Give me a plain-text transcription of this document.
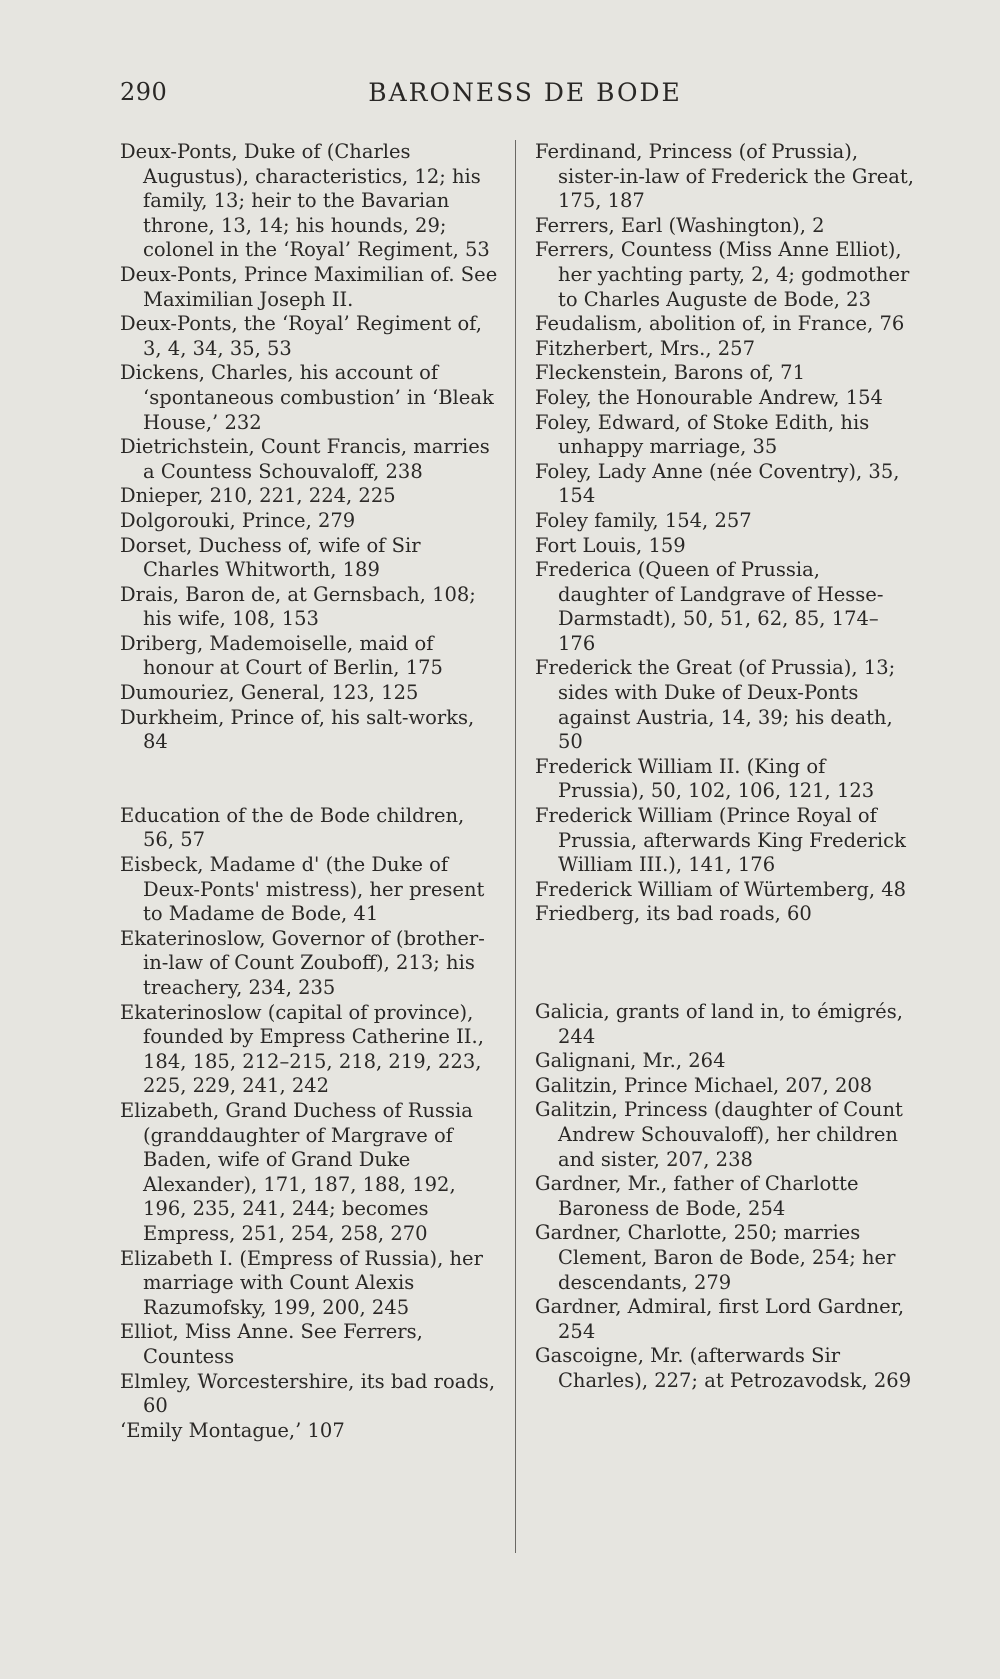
290	BARONESS DE BODE
Deux-Ponts, Duke of (Charles Augustus), characteristics, 12; his family, 13; heir to the Bavarian throne, 13, 14; his hounds, 29; colonel in the ‘Royal’ Regiment, 53
Deux-Ponts, Prince Maximilian of. See Maximilian Joseph II.
Deux-Ponts, the ‘Royal’ Regiment of, 3, 4, 34, 35, 53
Dickens, Charles, his account of ‘spontaneous combustion’ in ‘Bleak House,’ 232
Dietrichstein, Count Francis, marries a Countess Schouvaloff, 238
Dnieper, 210, 221, 224, 225
Dolgorouki, Prince, 279
Dorset, Duchess of, wife of Sir Charles Whitworth, 189
Drais, Baron de, at Gernsbach, 108; his wife, 108, 153
Driberg, Mademoiselle, maid of honour at Court of Berlin, 175
Dumouriez, General, 123, 125
Durkheim, Prince of, his salt-works, 84
Education of the de Bode children, 56, 57
Eisbeck, Madame d' (the Duke of Deux-Ponts' mistress), her present to Madame de Bode, 41
Ekaterinoslow, Governor of (brother-in-law of Count Zouboff), 213; his treachery, 234, 235
Ekaterinoslow (capital of province), founded by Empress Catherine II., 184, 185, 212–215, 218, 219, 223, 225, 229, 241, 242
Elizabeth, Grand Duchess of Russia (granddaughter of Margrave of Baden, wife of Grand Duke Alexander), 171, 187, 188, 192, 196, 235, 241, 244; becomes Empress, 251, 254, 258, 270
Elizabeth I. (Empress of Russia), her marriage with Count Alexis Razumofsky, 199, 200, 245
Elliot, Miss Anne. See Ferrers, Countess
Elmley, Worcestershire, its bad roads, 60
‘Emily Montague,’ 107
Ferdinand, Princess (of Prussia), sister-in-law of Frederick the Great, 175, 187
Ferrers, Earl (Washington), 2
Ferrers, Countess (Miss Anne Elliot), her yachting party, 2, 4; godmother to Charles Auguste de Bode, 23
Feudalism, abolition of, in France, 76
Fitzherbert, Mrs., 257
Fleckenstein, Barons of, 71
Foley, the Honourable Andrew, 154
Foley, Edward, of Stoke Edith, his unhappy marriage, 35
Foley, Lady Anne (née Coventry), 35, 154
Foley family, 154, 257
Fort Louis, 159
Frederica (Queen of Prussia, daughter of Landgrave of Hesse-Darmstadt), 50, 51, 62, 85, 174–176
Frederick the Great (of Prussia), 13; sides with Duke of Deux-Ponts against Austria, 14, 39; his death, 50
Frederick William II. (King of Prussia), 50, 102, 106, 121, 123
Frederick William (Prince Royal of Prussia, afterwards King Frederick William III.), 141, 176
Frederick William of Würtemberg, 48
Friedberg, its bad roads, 60
Galicia, grants of land in, to émigrés, 244
Galignani, Mr., 264
Galitzin, Prince Michael, 207, 208
Galitzin, Princess (daughter of Count Andrew Schouvaloff), her children and sister, 207, 238
Gardner, Mr., father of Charlotte Baroness de Bode, 254
Gardner, Charlotte, 250; marries Clement, Baron de Bode, 254; her descendants, 279
Gardner, Admiral, first Lord Gardner, 254
Gascoigne, Mr. (afterwards Sir Charles), 227; at Petrozavodsk, 269
